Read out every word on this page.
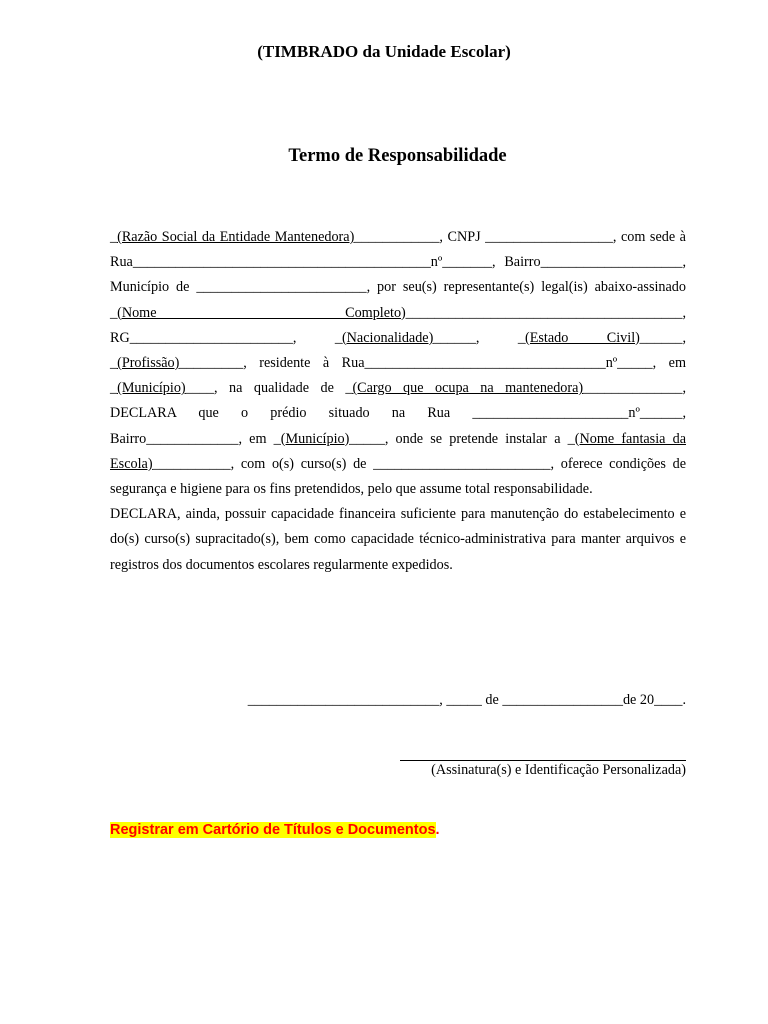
(TIMBRADO da Unidade Escolar)
Termo de Responsabilidade

_(Razão Social da Entidade Mantenedora)____________, CNPJ __________________, com sede à Rua__________________________________________nº_______, Bairro____________________, Município de ________________________, por seu(s) representante(s) legal(is) abaixo-assinado _(Nome Completo)_______________________________________, RG_______________________, _(Nacionalidade)______, _(Estado Civil)______, _(Profissão)_________, residente à Rua__________________________________nº_____, em _(Município)____, na qualidade de _(Cargo que ocupa na mantenedora)______________, DECLARA que o prédio situado na Rua ______________________nº______, Bairro_____________, em _(Município)_____, onde se pretende instalar a _(Nome fantasia da Escola)___________, com o(s) curso(s) de _________________________, oferece condições de segurança e higiene para os fins pretendidos, pelo que assume total responsabilidade.

DECLARA, ainda, possuir capacidade financeira suficiente para manutenção do estabelecimento e do(s) curso(s) supracitado(s), bem como capacidade técnico-administrativa para manter arquivos e registros dos documentos escolares regularmente expedidos.

___________________________, _____ de _________________de 20____.
(Assinatura(s) e Identificação Personalizada)
Registrar em Cartório de Títulos e Documentos.
